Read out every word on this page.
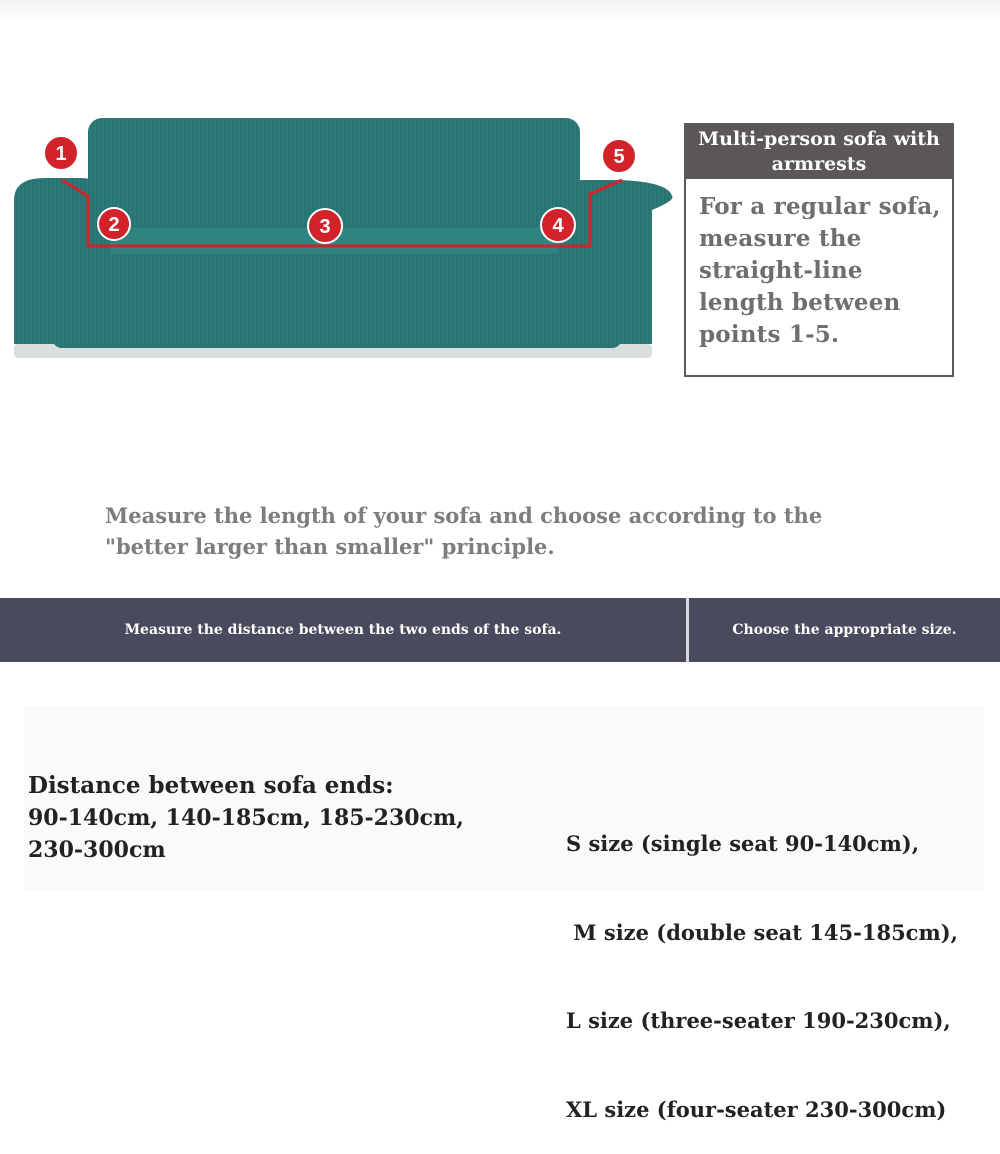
1
2	3	4
5
Multi-person sofa with
armrests
For a regular sofa,
measure the
straight-line
length between
points 1-5.
Measure the length of your sofa and choose according to the
"better larger than smaller" principle.
Measure the distance between the two ends of the sofa.	Choose the appropriate size.
Distance between sofa ends:
90-140cm, 140-185cm, 185-230cm,
230-300cm

	S size (single seat 90-140cm),

M size (double seat 145-185cm),

L size (three-seater 190-230cm),

XL size (four-seater 230-300cm)
